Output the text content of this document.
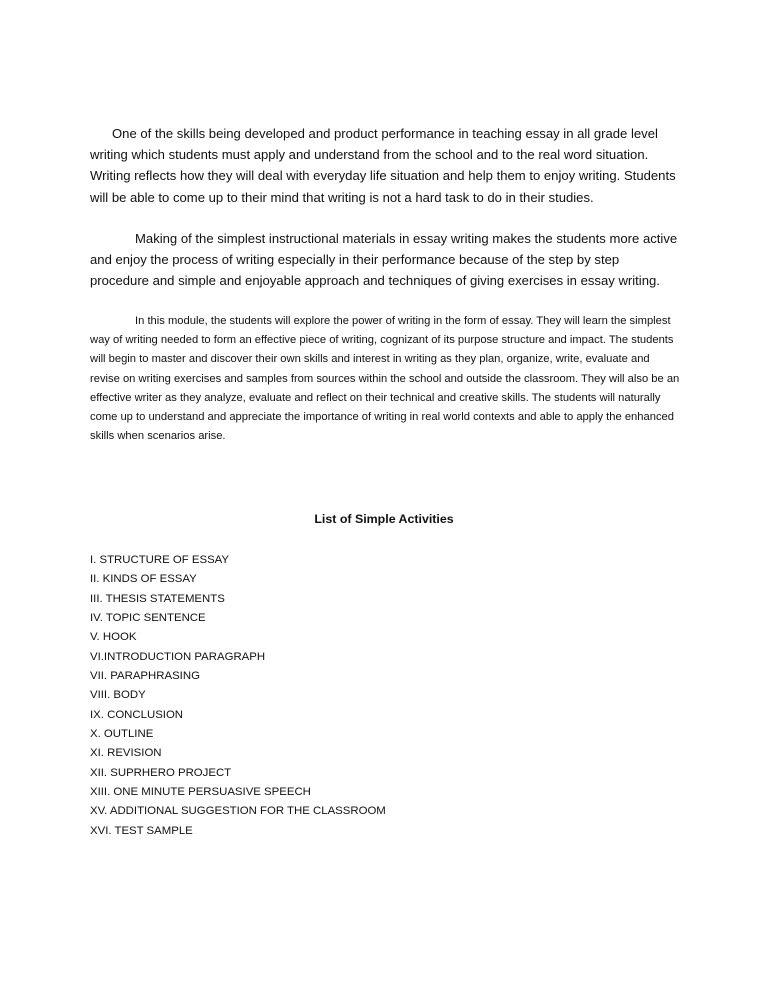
One of the skills being developed and product performance in teaching essay in all grade level writing which students must apply and understand from the school and to the real word situation. Writing reflects how they will deal with everyday life situation and help them to enjoy writing. Students will be able to come up to their mind that writing is not a hard task to do in their studies.

Making of the simplest instructional materials in essay writing makes the students more active and enjoy the process of writing especially in their performance because of the step by step procedure and simple and enjoyable approach and techniques of giving exercises in essay writing.

In this module, the students will explore the power of writing in the form of essay. They will learn the simplest way of writing needed to form an effective piece of writing, cognizant of its purpose structure and impact. The students will begin to master and discover their own skills and interest in writing as they plan, organize, write, evaluate and revise on writing exercises and samples from sources within the school and outside the classroom. They will also be an effective writer as they analyze, evaluate and reflect on their technical and creative skills. The students will naturally come up to understand and appreciate the importance of writing in real world contexts and able to apply the enhanced skills when scenarios arise.

List of Simple Activities
I. STRUCTURE OF ESSAY
II. KINDS OF ESSAY
III. THESIS STATEMENTS
IV. TOPIC SENTENCE
V. HOOK
VI.INTRODUCTION PARAGRAPH
VII. PARAPHRASING
VIII. BODY
IX. CONCLUSION
X. OUTLINE
XI. REVISION
XII. SUPRHERO PROJECT
XIII. ONE MINUTE PERSUASIVE SPEECH
XV. ADDITIONAL SUGGESTION FOR THE CLASSROOM
XVI. TEST SAMPLE
